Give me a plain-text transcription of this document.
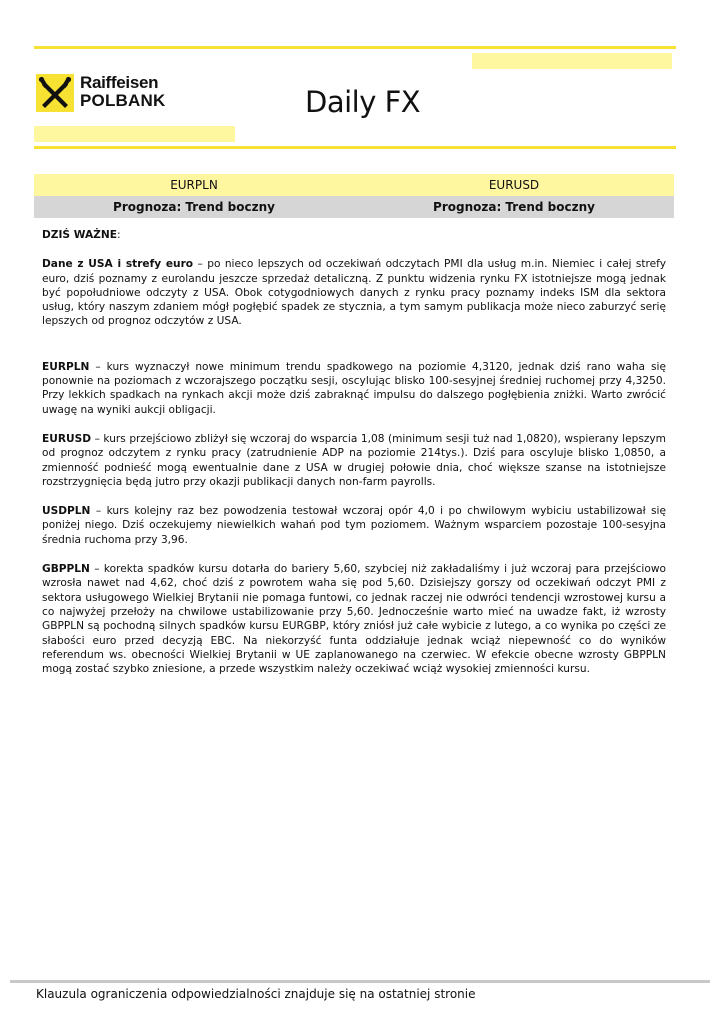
Raiffeisen
POLBANK	Daily FX
EURPLN	EURUSD
Prognoza: Trend boczny	Prognoza: Trend boczny

DZIŚ WAŻNE:

Dane z USA i strefy euro – po nieco lepszych od oczekiwań odczytach PMI dla usług m.in. Niemiec i całej strefy euro, dziś poznamy z eurolandu jeszcze sprzedaż detaliczną. Z punktu widzenia rynku FX istotniejsze mogą jednak być popołudniowe odczyty z USA. Obok cotygodniowych danych z rynku pracy poznamy indeks ISM dla sektora usług, który naszym zdaniem mógł pogłębić spadek ze stycznia, a tym samym publikacja może nieco zaburzyć serię lepszych od prognoz odczytów z USA.

EURPLN – kurs wyznaczył nowe minimum trendu spadkowego na poziomie 4,3120, jednak dziś rano waha się ponownie na poziomach z wczorajszego początku sesji, oscylując blisko 100-sesyjnej średniej ruchomej przy 4,3250. Przy lekkich spadkach na rynkach akcji może dziś zabraknąć impulsu do dalszego pogłębienia zniżki. Warto zwrócić uwagę na wyniki aukcji obligacji.

EURUSD – kurs przejściowo zbliżył się wczoraj do wsparcia 1,08 (minimum sesji tuż nad 1,0820), wspierany lepszym od prognoz odczytem z rynku pracy (zatrudnienie ADP na poziomie 214tys.). Dziś para oscyluje blisko 1,0850, a zmienność podnieść mogą ewentualnie dane z USA w drugiej połowie dnia, choć większe szanse na istotniejsze rozstrzygnięcia będą jutro przy okazji publikacji danych non-farm payrolls.

USDPLN – kurs kolejny raz bez powodzenia testował wczoraj opór 4,0 i po chwilowym wybiciu ustabilizował się poniżej niego. Dziś oczekujemy niewielkich wahań pod tym poziomem. Ważnym wsparciem pozostaje 100-sesyjna średnia ruchoma przy 3,96.

GBPPLN – korekta spadków kursu dotarła do bariery 5,60, szybciej niż zakładaliśmy i już wczoraj para przejściowo wzrosła nawet nad 4,62, choć dziś z powrotem waha się pod 5,60. Dzisiejszy gorszy od oczekiwań odczyt PMI z sektora usługowego Wielkiej Brytanii nie pomaga funtowi, co jednak raczej nie odwróci tendencji wzrostowej kursu a co najwyżej przełoży na chwilowe ustabilizowanie przy 5,60. Jednocześnie warto mieć na uwadze fakt, iż wzrosty GBPPLN są pochodną silnych spadków kursu EURGBP, który zniósł już całe wybicie z lutego, a co wynika po części ze słabości euro przed decyzją EBC. Na niekorzyść funta oddziałuje jednak wciąż niepewność co do wyników referendum ws. obecności Wielkiej Brytanii w UE zaplanowanego na czerwiec. W efekcie obecne wzrosty GBPPLN mogą zostać szybko zniesione, a przede wszystkim należy oczekiwać wciąż wysokiej zmienności kursu.

Klauzula ograniczenia odpowiedzialności znajduje się na ostatniej stronie
